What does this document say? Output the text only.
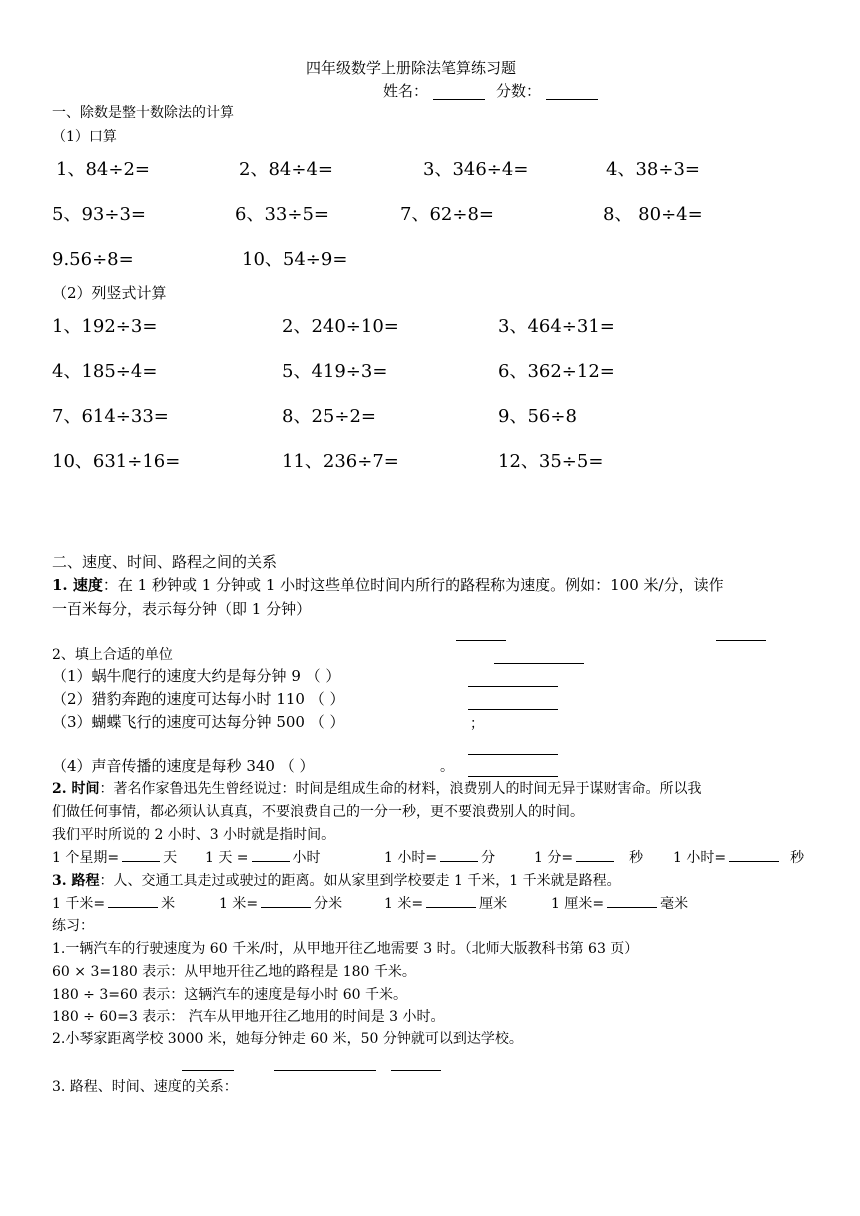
四年级数学上册除法笔算练习题
姓名：	分数：
一、除数是整十数除法的计算
（1）口算
1、84÷2=	2、84÷4=	3、346÷4=	4、38÷3=
5、93÷3=	6、33÷5=	7、62÷8=	8、 80÷4=
9.56÷8=	10、54÷9=
（2）列竖式计算
1、192÷3=	2、240÷10=	3、464÷31=
4、185÷4=	5、419÷3=	6、362÷12=
7、614÷33=	8、25÷2=	9、56÷8
10、631÷16=	11、236÷7=	12、35÷5=
二、速度、时间、路程之间的关系
1. 速度：在 1 秒钟或 1 分钟或 1 小时这些单位时间内所行的路程称为速度。例如：100 米/分，读作
一百米每分，表示每分钟（即 1 分钟）
2、填上合适的单位
（1）蜗牛爬行的速度大约是每分钟 9 （ ）
（2）猎豹奔跑的速度可达每小时 110 （ ）
（3）蝴蝶飞行的速度可达每分钟 500 （ ）	；
（4）声音传播的速度是每秒 340 （ ）	。
2. 时间：著名作家鲁迅先生曾经说过：时间是组成生命的材料，浪费别人的时间无异于谋财害命。所以我
们做任何事情，都必须认认真真，不要浪费自己的一分一秒，更不要浪费别人的时间。
我们平时所说的 2 小时、3 小时就是指时间。
1 个星期=	天 1 天 =	小时	1 小时=	分	1 分=	秒 1 小时=	秒
3. 路程：人、交通工具走过或驶过的距离。如从家里到学校要走 1 千米，1 千米就是路程。
1 千米=	米	1 米=	分米	1 米=	厘米	1 厘米=	毫米
练习：
1.一辆汽车的行驶速度为 60 千米/时，从甲地开往乙地需要 3 时。（北师大版教科书第 63 页）
60 × 3=180 表示：从甲地开往乙地的路程是 180 千米。
180 ÷ 3=60 表示：这辆汽车的速度是每小时 60 千米。
180 ÷ 60=3 表示： 汽车从甲地开往乙地用的时间是 3 小时。
2.小琴家距离学校 3000 米，她每分钟走 60 米，50 分钟就可以到达学校。
3. 路程、时间、速度的关系：
